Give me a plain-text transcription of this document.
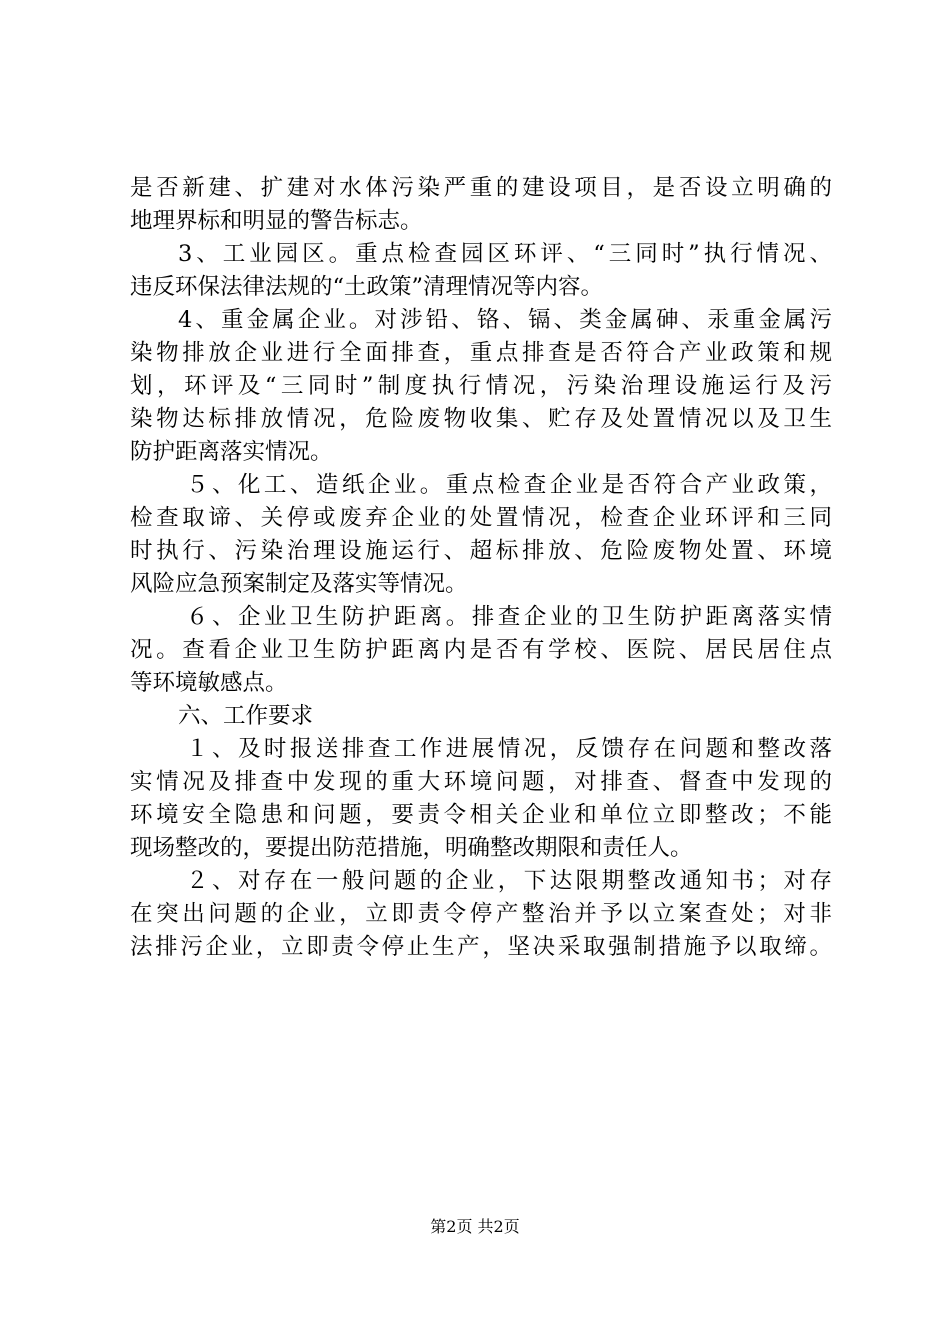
是否新建、扩建对水体污染严重的建设项目，是否设立明确的
地理界标和明显的警告标志。
3、工业园区。重点检查园区环评、“三同时”执行情况、
违反环保法律法规的“土政策”清理情况等内容。
4、重金属企业。对涉铅、铬、镉、类金属砷、汞重金属污
染物排放企业进行全面排查，重点排查是否符合产业政策和规
划，环评及“三同时”制度执行情况，污染治理设施运行及污
染物达标排放情况，危险废物收集、贮存及处置情况以及卫生
防护距离落实情况。
５、化工、造纸企业。重点检查企业是否符合产业政策，
检查取谛、关停或废弃企业的处置情况，检查企业环评和三同
时执行、污染治理设施运行、超标排放、危险废物处置、环境
风险应急预案制定及落实等情况。
６、企业卫生防护距离。排查企业的卫生防护距离落实情
况。查看企业卫生防护距离内是否有学校、医院、居民居住点
等环境敏感点。
六、工作要求
１、及时报送排查工作进展情况，反馈存在问题和整改落
实情况及排查中发现的重大环境问题，对排查、督查中发现的
环境安全隐患和问题，要责令相关企业和单位立即整改；不能
现场整改的，要提出防范措施，明确整改期限和责任人。
２、对存在一般问题的企业，下达限期整改通知书；对存
在突出问题的企业，立即责令停产整治并予以立案查处；对非
法排污企业，立即责令停止生产，坚决采取强制措施予以取缔。
第2页 共2页
